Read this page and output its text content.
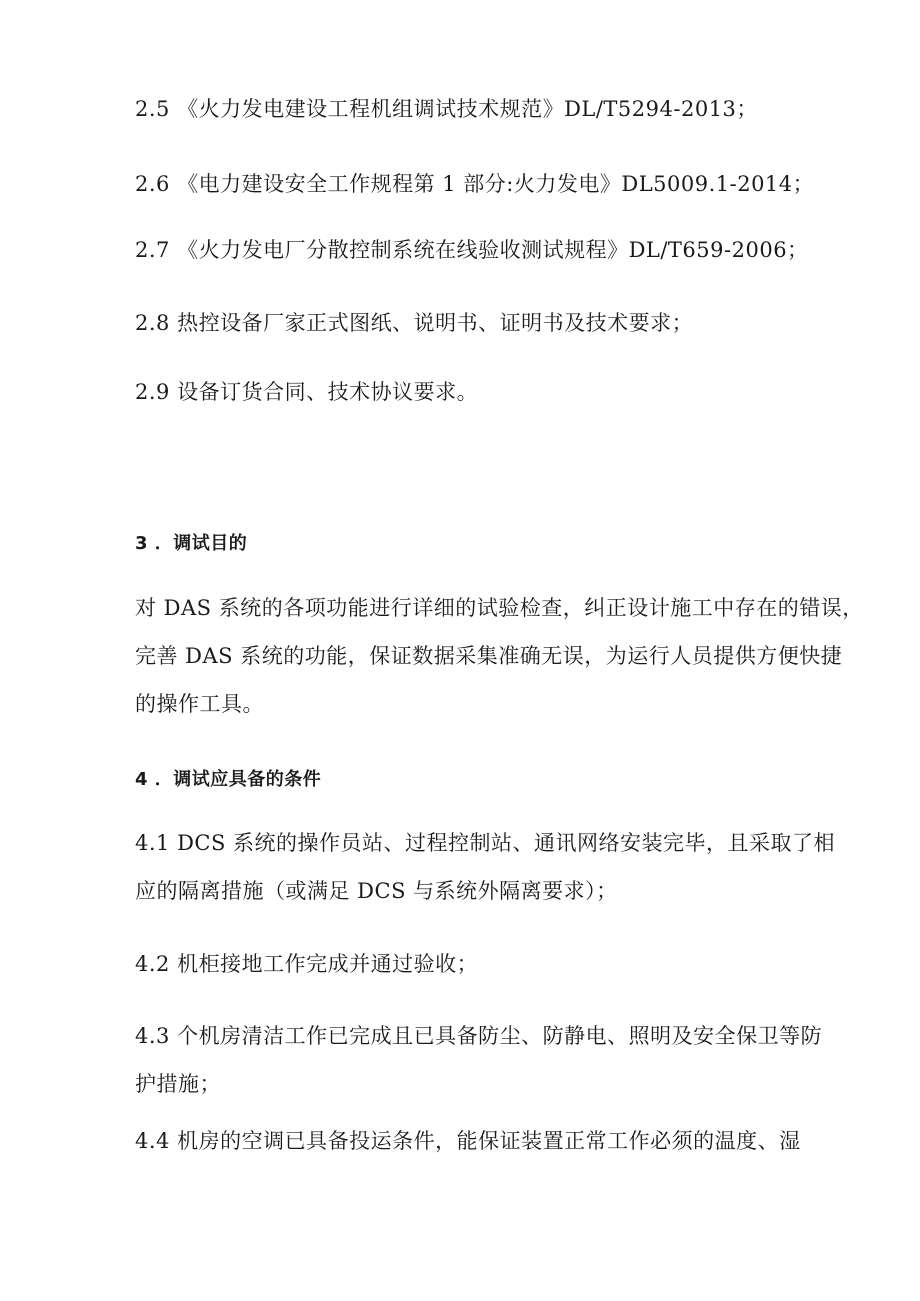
2.5 《火力发电建设工程机组调试技术规范》DL/T5294-2013；
2.6 《电力建设安全工作规程第 1 部分:火力发电》DL5009.1-2014；
2.7 《火力发电厂分散控制系统在线验收测试规程》DL/T659-2006；
2.8 热控设备厂家正式图纸、说明书、证明书及技术要求；
2.9 设备订货合同、技术协议要求。
3 ．调试目的
对 DAS 系统的各项功能进行详细的试验检查，纠正设计施工中存在的错误，
完善 DAS 系统的功能，保证数据采集准确无误，为运行人员提供方便快捷
的操作工具。
4 ．调试应具备的条件
4.1 DCS 系统的操作员站、过程控制站、通讯网络安装完毕，且采取了相
应的隔离措施（或满足 DCS 与系统外隔离要求）；
4.2 机柜接地工作完成并通过验收；
4.3 个机房清洁工作已完成且已具备防尘、防静电、照明及安全保卫等防
护措施；
4.4 机房的空调已具备投运条件，能保证装置正常工作必须的温度、湿
